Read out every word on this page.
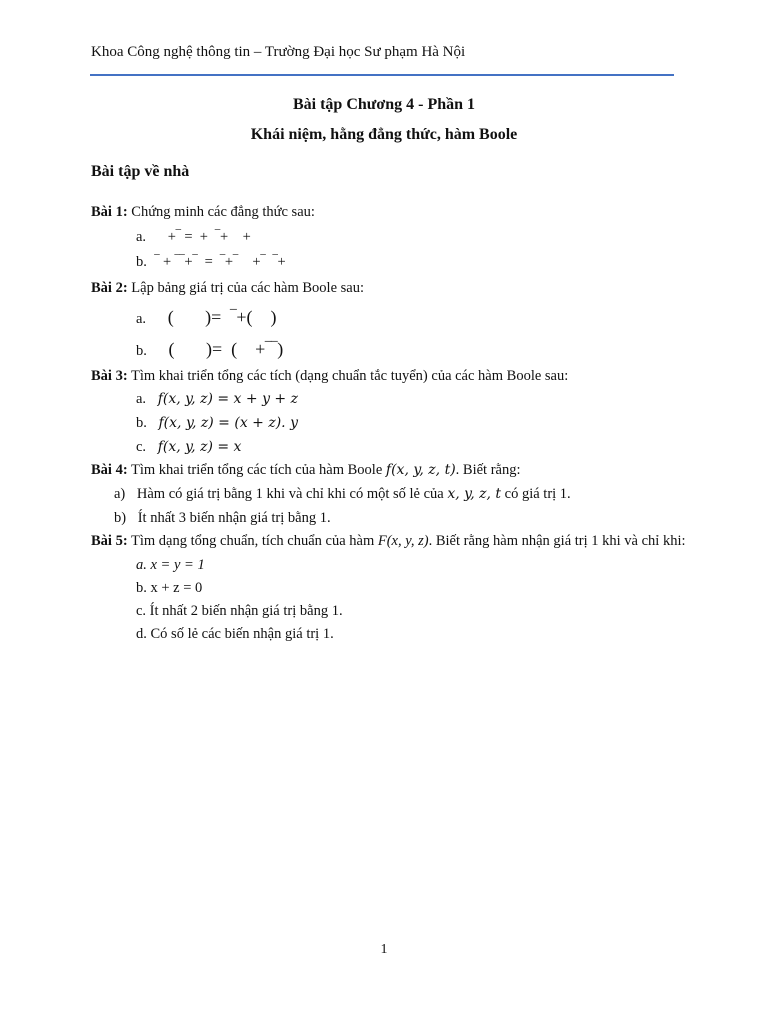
Khoa Công nghệ thông tin – Trường Đại học Sư phạm Hà Nội
Bài tập Chương 4 - Phần 1
Khái niệm, hằng đẳng thức, hàm Boole
Bài tập về nhà
Bài 1: Chứng minh các đẳng thức sau:
a. +‾ =  +  ‾+    +
b. ‾ + ‾‾+‾  =  ‾+‾    +‾  ‾+
Bài 2: Lập bảng giá trị của các hàm Boole sau:
a. (       )=  ‾+(    )
b. (       )=  (    +‾‾)
Bài 3: Tìm khai triển tổng các tích (dạng chuẩn tắc tuyển) của các hàm Boole sau:
a. f(x, y, z) = x + y + z
b. f(x, y, z) = (x + z). y
c. f(x, y, z) = x
Bài 4: Tìm khai triển tổng các tích của hàm Boole f(x, y, z, t). Biết rằng:
a) Hàm có giá trị bằng 1 khi và chỉ khi có một số lẻ của x, y, z, t có giá trị 1.
b) Ít nhất 3 biến nhận giá trị bằng 1.
Bài 5: Tìm dạng tổng chuẩn, tích chuẩn của hàm F(x, y, z). Biết rằng hàm nhận giá trị 1 khi và chỉ khi:
a. x = y = 1
b. x + z = 0
c. Ít nhất 2 biến nhận giá trị bằng 1.
d. Có số lẻ các biến nhận giá trị 1.
1
